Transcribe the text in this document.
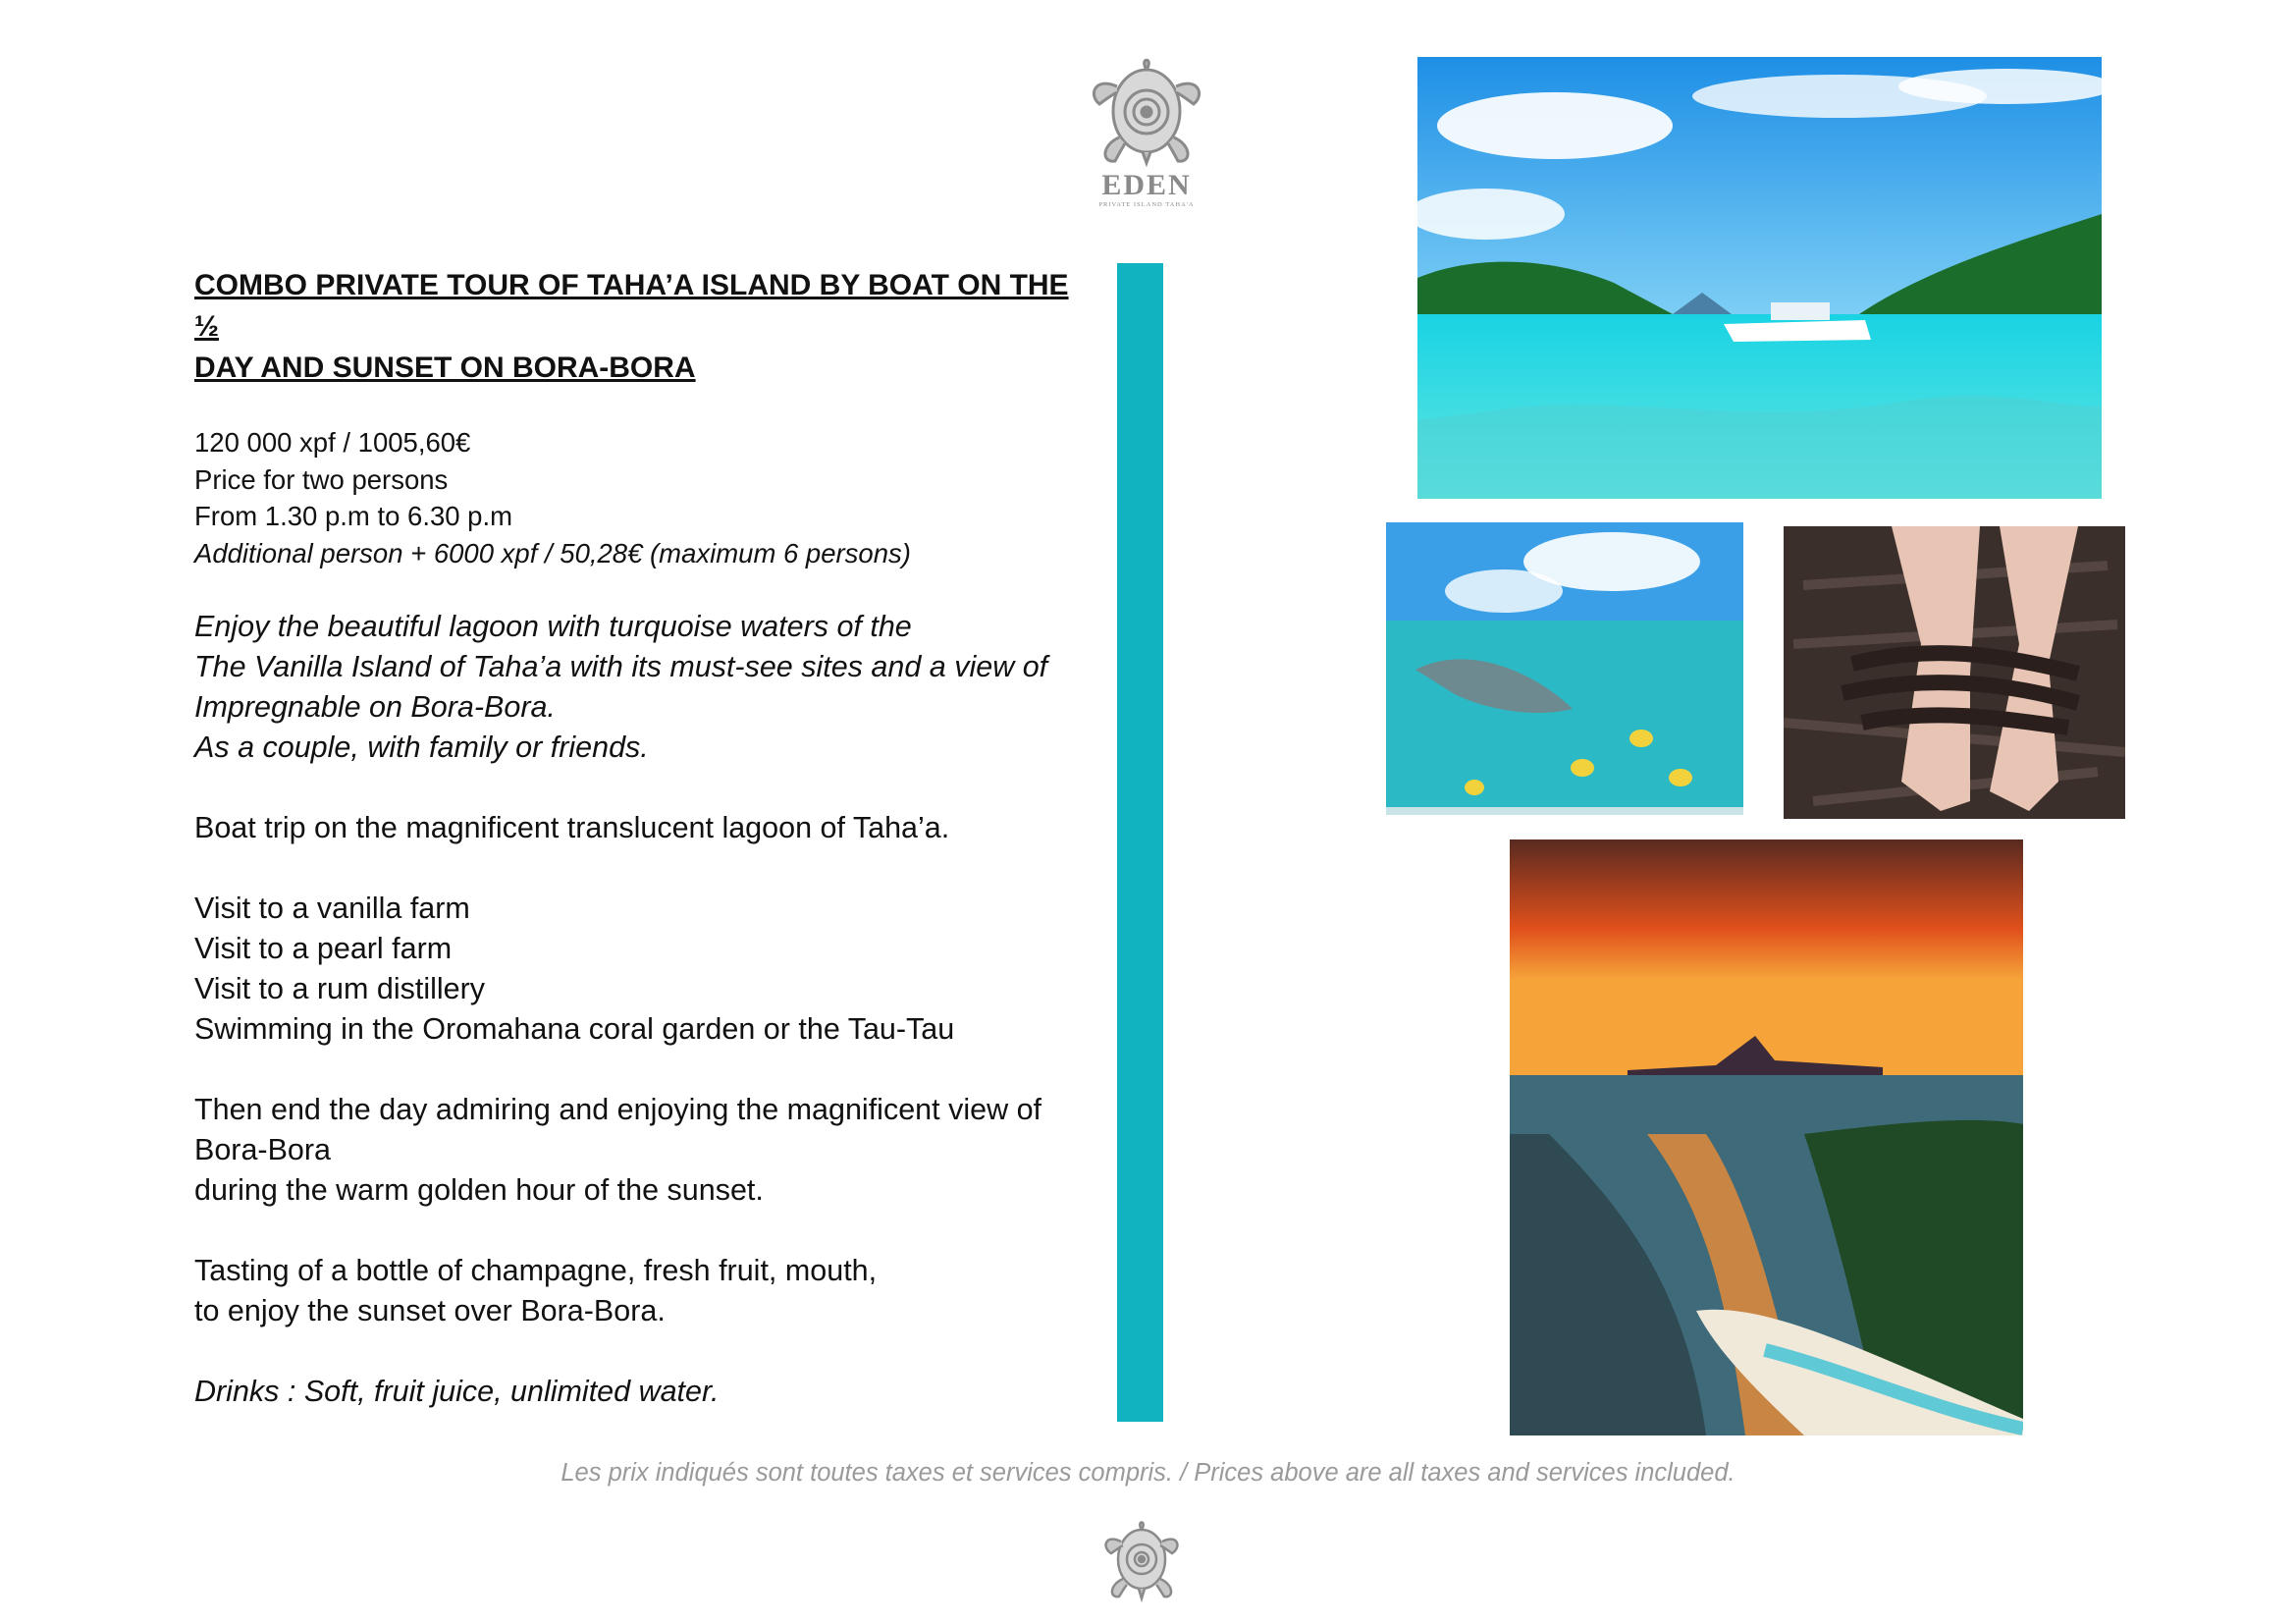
EDEN
PRIVATE ISLAND TAHA'A
COMBO PRIVATE TOUR OF TAHA’A ISLAND BY BOAT ON THE ½
DAY AND SUNSET ON BORA-BORA

120 000 xpf / 1005,60€

Price for two persons

From 1.30 p.m to 6.30 p.m

Additional person + 6000 xpf / 50,28€ (maximum 6 persons)

Enjoy the beautiful lagoon with turquoise waters of the

The Vanilla Island of Taha’a with its must-see sites and a view of

Impregnable on Bora-Bora.

As a couple, with family or friends.

Boat trip on the magnificent translucent lagoon of Taha’a.

Visit to a vanilla farm

Visit to a pearl farm

Visit to a rum distillery

Swimming in the Oromahana coral garden or the Tau-Tau

Then end the day admiring and enjoying the magnificent view of

Bora-Bora

during the warm golden hour of the sunset.

Tasting of a bottle of champagne, fresh fruit, mouth,

to enjoy the sunset over Bora-Bora.

Drinks : Soft, fruit juice, unlimited water.

Les prix indiqués sont toutes taxes et services compris. / Prices above are all taxes and services included.
